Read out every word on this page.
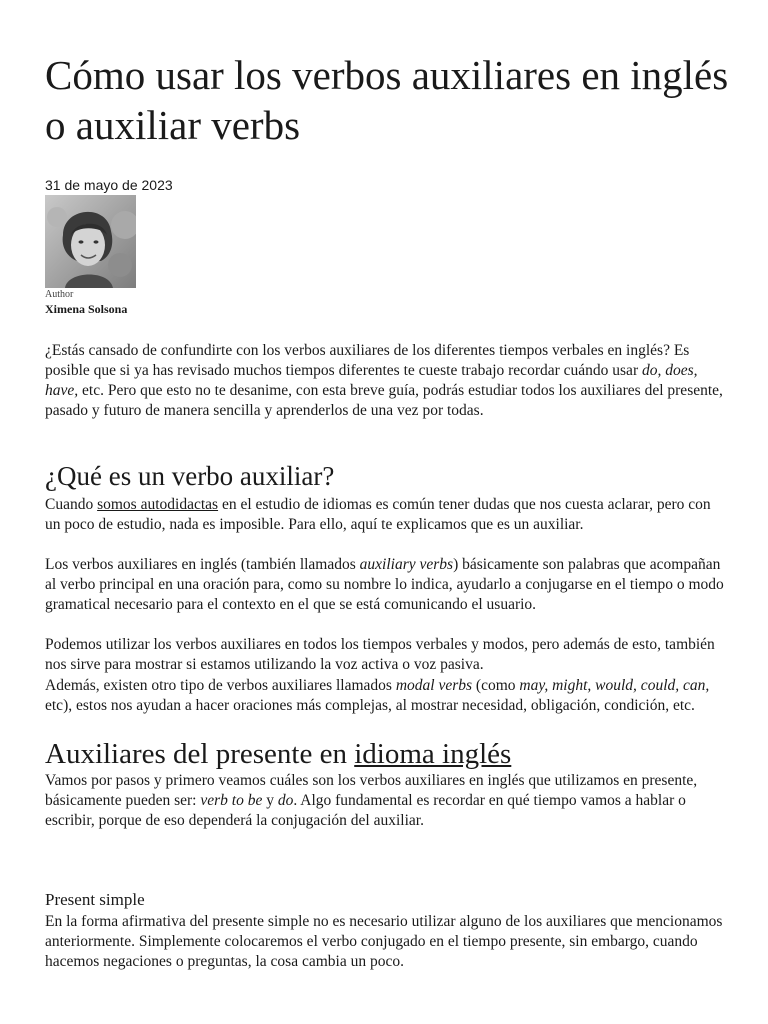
Cómo usar los verbos auxiliares en inglés o auxiliar verbs
31 de mayo de 2023
Author
Ximena Solsona

¿Estás cansado de confundirte con los verbos auxiliares de los diferentes tiempos verbales en inglés? Es posible que si ya has revisado muchos tiempos diferentes te cueste trabajo recordar cuándo usar do, does, have, etc. Pero que esto no te desanime, con esta breve guía, podrás estudiar todos los auxiliares del presente, pasado y futuro de manera sencilla y aprenderlos de una vez por todas.

¿Qué es un verbo auxiliar?

Cuando somos autodidactas en el estudio de idiomas es común tener dudas que nos cuesta aclarar, pero con un poco de estudio, nada es imposible. Para ello, aquí te explicamos que es un auxiliar.

Los verbos auxiliares en inglés (también llamados auxiliary verbs) básicamente son palabras que acompañan al verbo principal en una oración para, como su nombre lo indica, ayudarlo a conjugarse en el tiempo o modo gramatical necesario para el contexto en el que se está comunicando el usuario.

Podemos utilizar los verbos auxiliares en todos los tiempos verbales y modos, pero además de esto, también nos sirve para mostrar si estamos utilizando la voz activa o voz pasiva.

Además, existen otro tipo de verbos auxiliares llamados modal verbs (como may, might, would, could, can, etc), estos nos ayudan a hacer oraciones más complejas, al mostrar necesidad, obligación, condición, etc.

Auxiliares del presente en idioma inglés

Vamos por pasos y primero veamos cuáles son los verbos auxiliares en inglés que utilizamos en presente, básicamente pueden ser: verb to be y do. Algo fundamental es recordar en qué tiempo vamos a hablar o escribir, porque de eso dependerá la conjugación del auxiliar.

Present simple

En la forma afirmativa del presente simple no es necesario utilizar alguno de los auxiliares que mencionamos anteriormente. Simplemente colocaremos el verbo conjugado en el tiempo presente, sin embargo, cuando hacemos negaciones o preguntas, la cosa cambia un poco.
